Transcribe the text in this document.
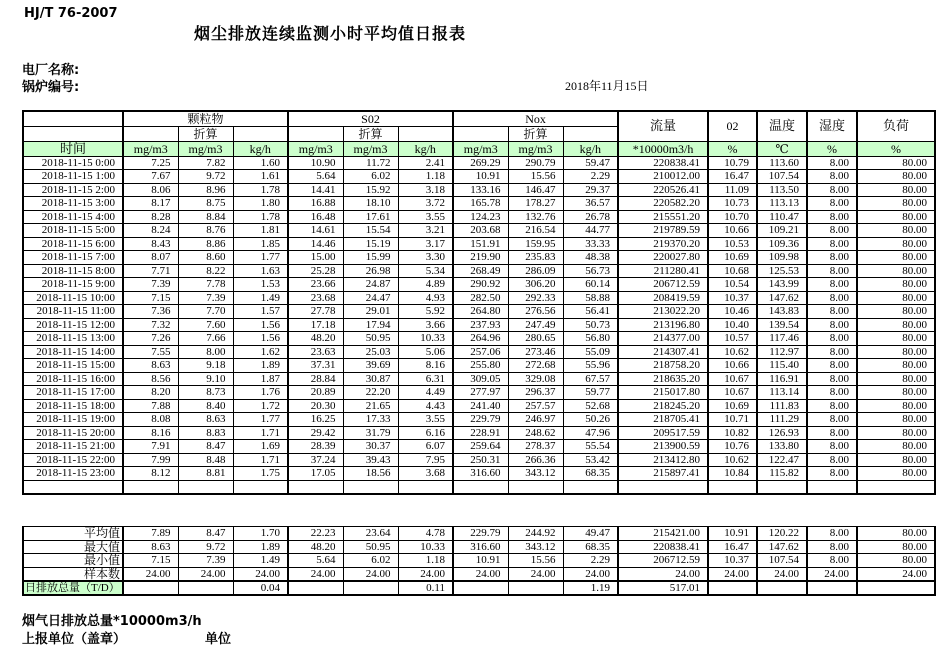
HJ/T 76-2007
烟尘排放连续监测小时平均值日报表
电厂名称:
锅炉编号:	2018年11月15日
	颗粒物			S02			Nox			流量	02	温度	湿度	负荷
		折算			折算			折算						
时间	mg/m3	mg/m3	kg/h	mg/m3	mg/m3	kg/h	mg/m3	mg/m3	kg/h	*10000m3/h	%	℃	%	%
2018-11-15 0:00	7.25	7.82	1.60	10.90	11.72	2.41	269.29	290.79	59.47	220838.41	10.79	113.60	8.00	80.00
2018-11-15 1:00	7.67	9.72	1.61	5.64	6.02	1.18	10.91	15.56	2.29	210012.00	16.47	107.54	8.00	80.00
2018-11-15 2:00	8.06	8.96	1.78	14.41	15.92	3.18	133.16	146.47	29.37	220526.41	11.09	113.50	8.00	80.00
2018-11-15 3:00	8.17	8.75	1.80	16.88	18.10	3.72	165.78	178.27	36.57	220582.20	10.73	113.13	8.00	80.00
2018-11-15 4:00	8.28	8.84	1.78	16.48	17.61	3.55	124.23	132.76	26.78	215551.20	10.70	110.47	8.00	80.00
2018-11-15 5:00	8.24	8.76	1.81	14.61	15.54	3.21	203.68	216.54	44.77	219789.59	10.66	109.21	8.00	80.00
2018-11-15 6:00	8.43	8.86	1.85	14.46	15.19	3.17	151.91	159.95	33.33	219370.20	10.53	109.36	8.00	80.00
2018-11-15 7:00	8.07	8.60	1.77	15.00	15.99	3.30	219.90	235.83	48.38	220027.80	10.69	109.98	8.00	80.00
2018-11-15 8:00	7.71	8.22	1.63	25.28	26.98	5.34	268.49	286.09	56.73	211280.41	10.68	125.53	8.00	80.00
2018-11-15 9:00	7.39	7.78	1.53	23.66	24.87	4.89	290.92	306.20	60.14	206712.59	10.54	143.99	8.00	80.00
2018-11-15 10:00	7.15	7.39	1.49	23.68	24.47	4.93	282.50	292.33	58.88	208419.59	10.37	147.62	8.00	80.00
2018-11-15 11:00	7.36	7.70	1.57	27.78	29.01	5.92	264.80	276.56	56.41	213022.20	10.46	143.83	8.00	80.00
2018-11-15 12:00	7.32	7.60	1.56	17.18	17.94	3.66	237.93	247.49	50.73	213196.80	10.40	139.54	8.00	80.00
2018-11-15 13:00	7.26	7.66	1.56	48.20	50.95	10.33	264.96	280.65	56.80	214377.00	10.57	117.46	8.00	80.00
2018-11-15 14:00	7.55	8.00	1.62	23.63	25.03	5.06	257.06	273.46	55.09	214307.41	10.62	112.97	8.00	80.00
2018-11-15 15:00	8.63	9.18	1.89	37.31	39.69	8.16	255.80	272.68	55.96	218758.20	10.66	115.40	8.00	80.00
2018-11-15 16:00	8.56	9.10	1.87	28.84	30.87	6.31	309.05	329.08	67.57	218635.20	10.67	116.91	8.00	80.00
2018-11-15 17:00	8.20	8.73	1.76	20.89	22.20	4.49	277.97	296.37	59.77	215017.80	10.67	113.14	8.00	80.00
2018-11-15 18:00	7.88	8.40	1.72	20.30	21.65	4.43	241.40	257.57	52.68	218245.20	10.69	111.83	8.00	80.00
2018-11-15 19:00	8.08	8.63	1.77	16.25	17.33	3.55	229.79	246.97	50.26	218705.41	10.71	111.29	8.00	80.00
2018-11-15 20:00	8.16	8.83	1.71	29.42	31.79	6.16	228.91	248.62	47.96	209517.59	10.82	126.93	8.00	80.00
2018-11-15 21:00	7.91	8.47	1.69	28.39	30.37	6.07	259.64	278.37	55.54	213900.59	10.76	133.80	8.00	80.00
2018-11-15 22:00	7.99	8.48	1.71	37.24	39.43	7.95	250.31	266.36	53.42	213412.80	10.62	122.47	8.00	80.00
2018-11-15 23:00	8.12	8.81	1.75	17.05	18.56	3.68	316.60	343.12	68.35	215897.41	10.84	115.82	8.00	80.00

平均值	7.89	8.47	1.70	22.23	23.64	4.78	229.79	244.92	49.47	215421.00	10.91	120.22	8.00	80.00
最大值	8.63	9.72	1.89	48.20	50.95	10.33	316.60	343.12	68.35	220838.41	16.47	147.62	8.00	80.00
最小值	7.15	7.39	1.49	5.64	6.02	1.18	10.91	15.56	2.29	206712.59	10.37	107.54	8.00	80.00
样本数	24.00	24.00	24.00	24.00	24.00	24.00	24.00	24.00	24.00	24.00	24.00	24.00	24.00	24.00
日排放总量（T/D）			0.04			0.11			1.19	517.01				
烟气日排放总量*10000m3/h
上报单位（盖章）	单位
